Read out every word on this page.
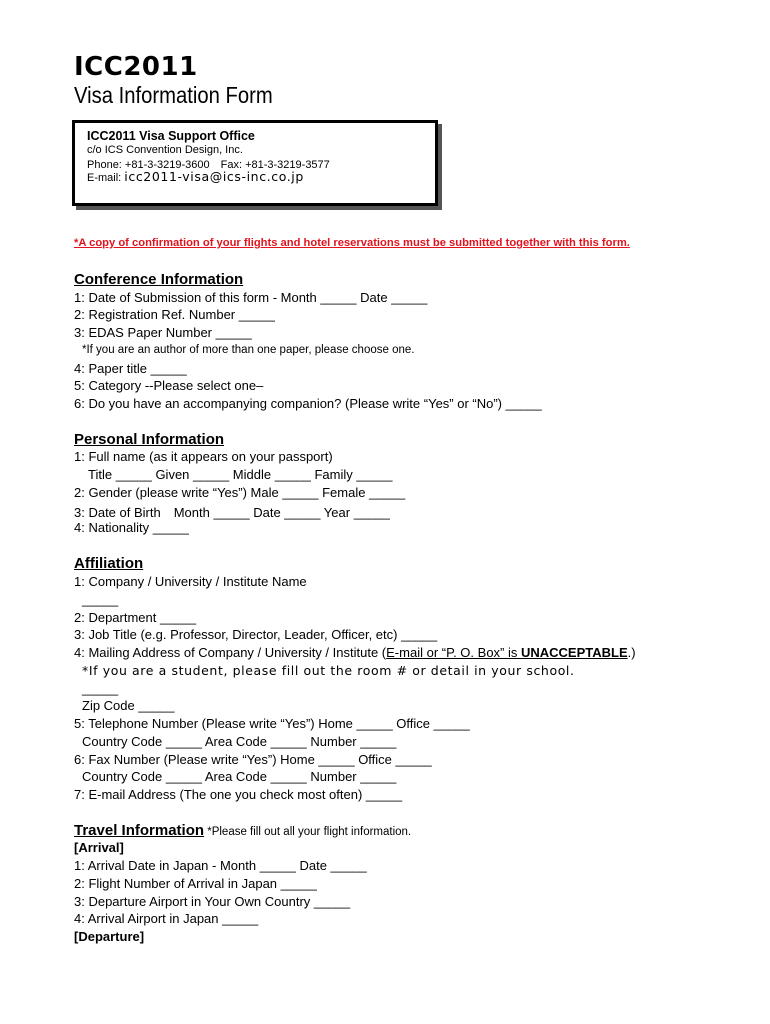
ICC2011
Visa Information Form
ICC2011 Visa Support Office
c/o ICS Convention Design, Inc.
Phone: +81-3-3219-3600　Fax: +81-3-3219-3577
E-mail: icc2011-visa@ics-inc.co.jp
*A copy of confirmation of your flights and hotel reservations must be submitted together with this form.
Conference Information
1: Date of Submission of this form - Month _____ Date _____
2: Registration Ref. Number _____
3: EDAS Paper Number _____
*If you are an author of more than one paper, please choose one.
4: Paper title _____
5: Category --Please select one–
6: Do you have an accompanying companion? (Please write “Yes” or “No”) _____
Personal Information
1: Full name (as it appears on your passport)
Title _____ Given _____ Middle _____ Family _____
2: Gender (please write “Yes”) Male _____ Female _____
3: Date of Birth　Month _____ Date _____ Year _____
4: Nationality _____
Affiliation
1: Company / University / Institute Name
_____
2: Department _____
3: Job Title (e.g. Professor, Director, Leader, Officer, etc) _____
4: Mailing Address of Company / University / Institute (E-mail or “P. O. Box” is UNACCEPTABLE.)
*If you are a student, please fill out the room # or detail in your school.
_____
Zip Code _____
5: Telephone Number (Please write “Yes”) Home _____ Office _____
Country Code _____ Area Code _____ Number _____
6: Fax Number (Please write “Yes”) Home _____ Office _____
Country Code _____ Area Code _____ Number _____
7: E-mail Address (The one you check most often) _____
Travel Information *Please fill out all your flight information.
[Arrival]
1: Arrival Date in Japan - Month _____ Date _____
2: Flight Number of Arrival in Japan _____
3: Departure Airport in Your Own Country _____
4: Arrival Airport in Japan _____
[Departure]
